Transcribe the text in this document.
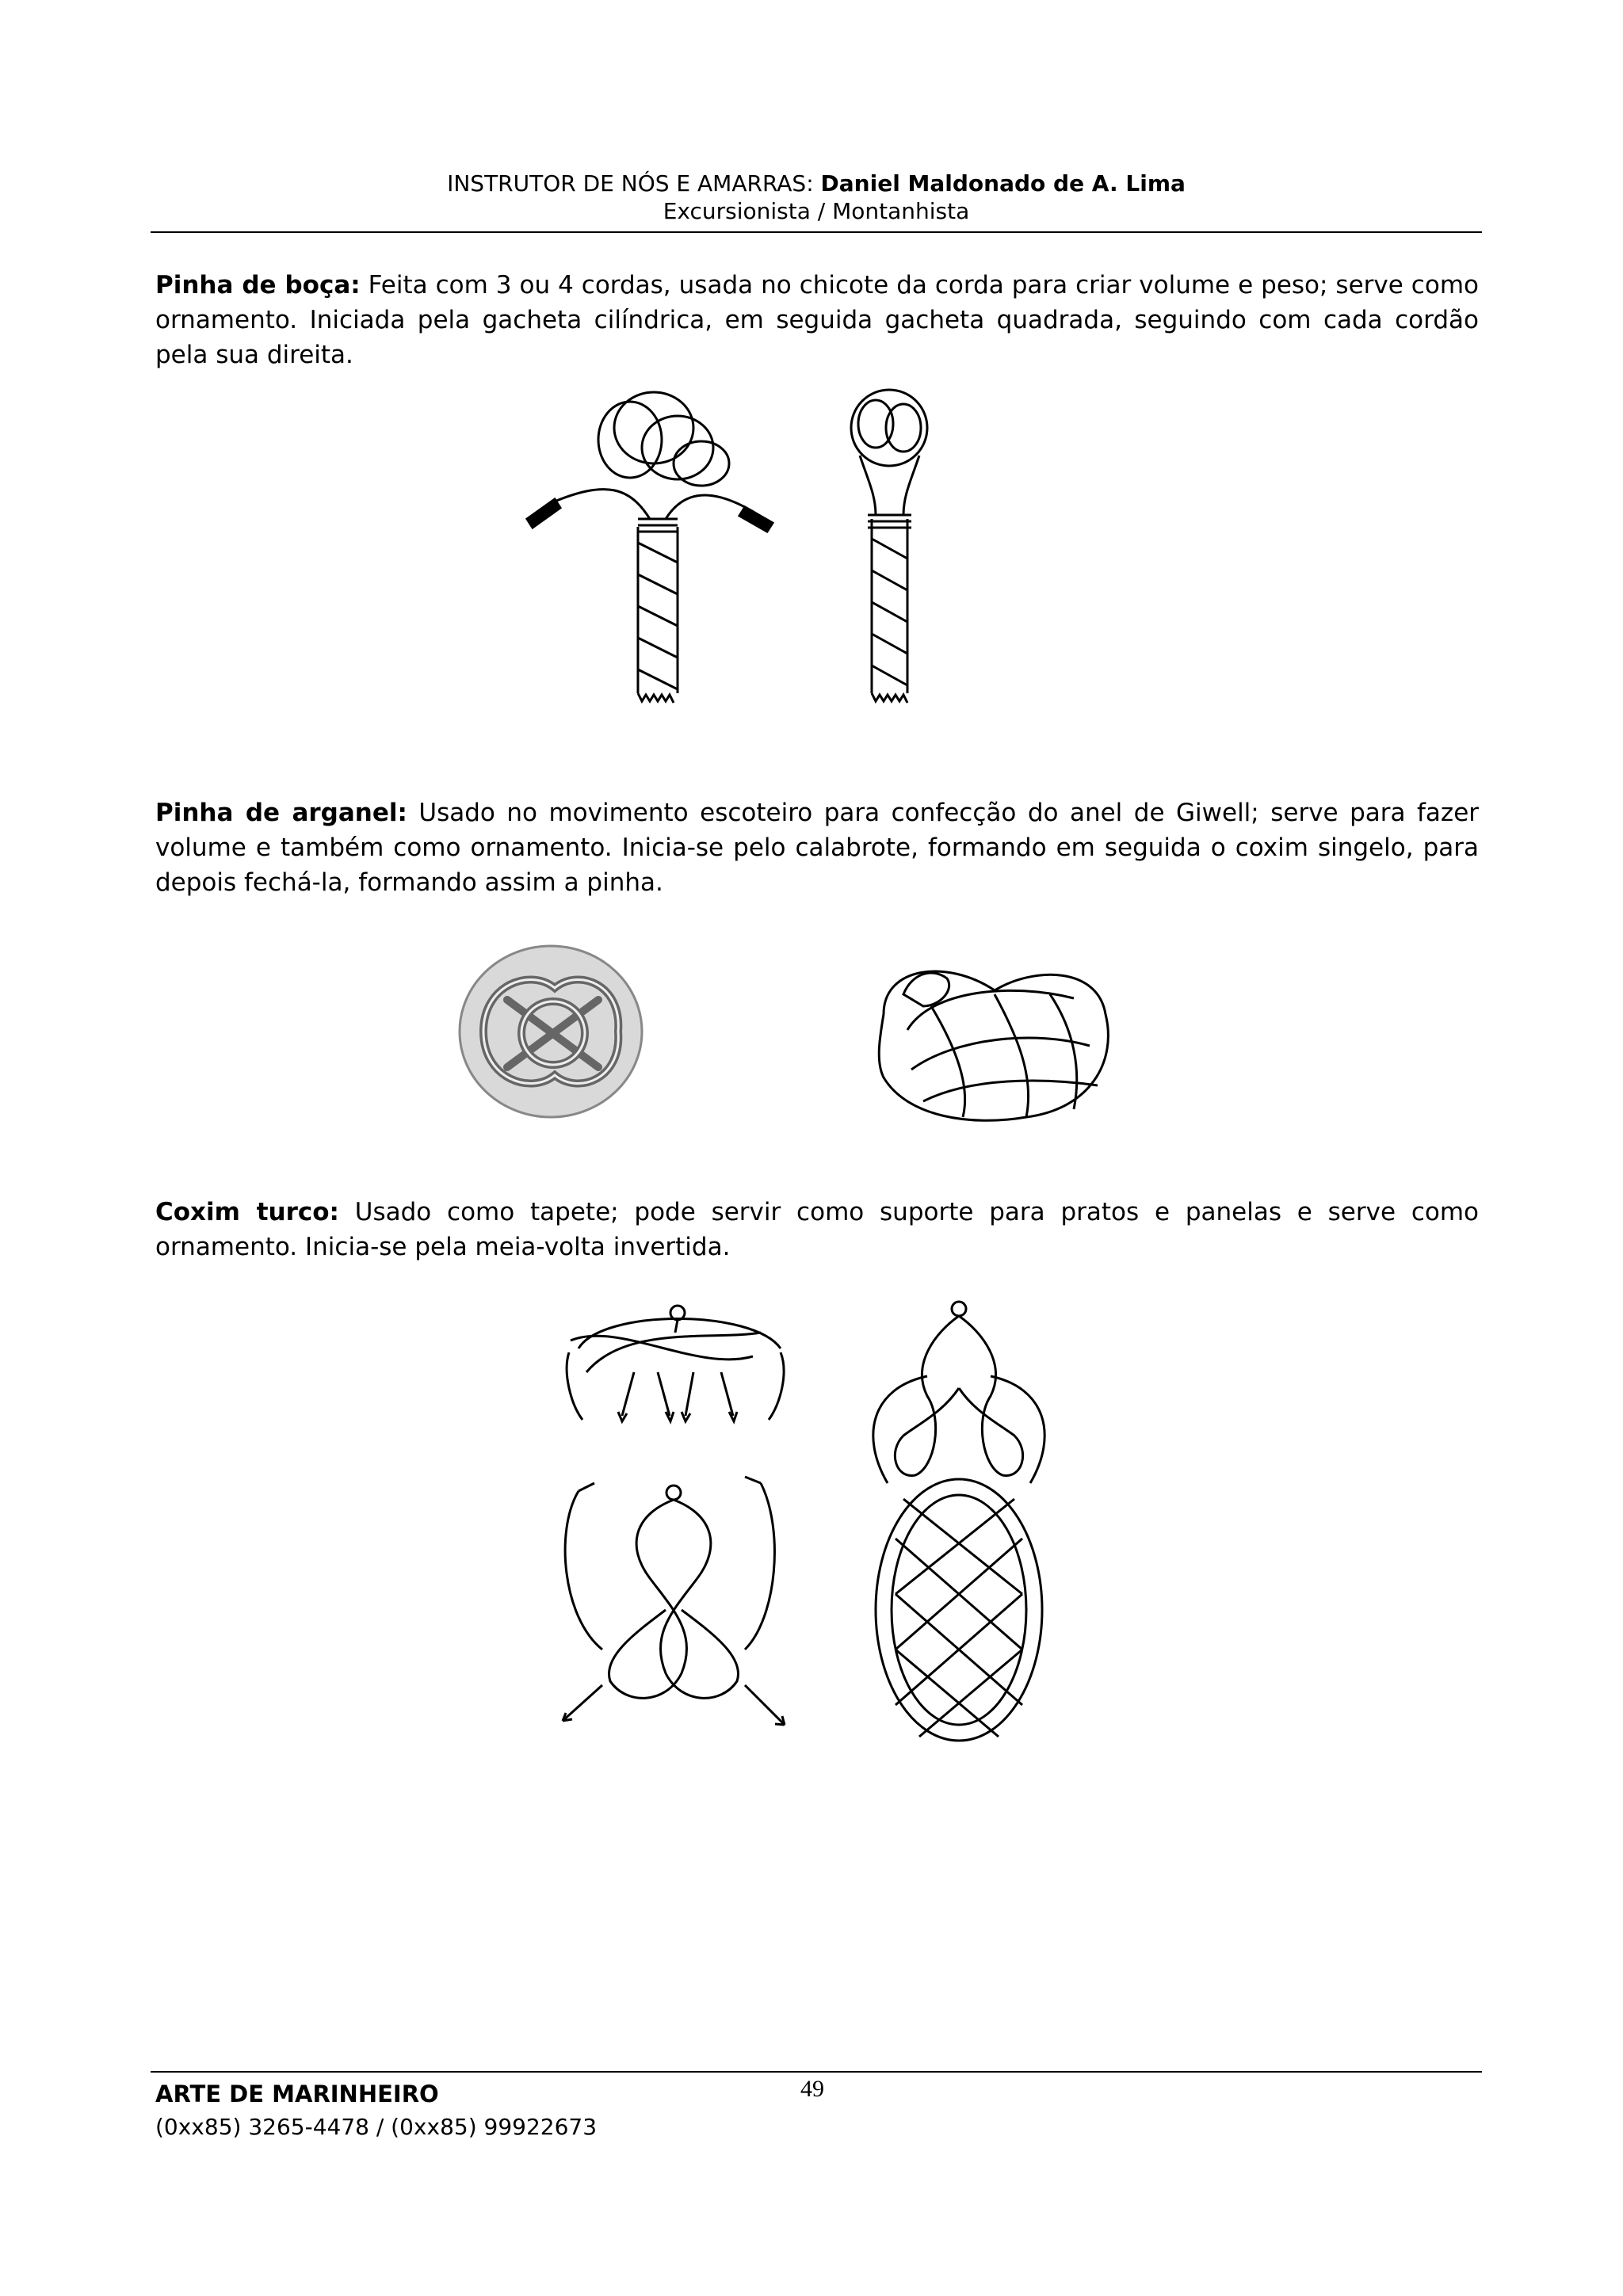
INSTRUTOR DE NÓS E AMARRAS: Daniel Maldonado de A. Lima
Excursionista / Montanhista
Pinha de boça: Feita com 3 ou 4 cordas, usada no chicote da corda para criar volume e peso; serve como ornamento. Iniciada pela gacheta cilíndrica, em seguida gacheta quadrada, seguindo com cada cordão pela sua direita.
Pinha de arganel: Usado no movimento escoteiro para confecção do anel de Giwell; serve para fazer volume e também como ornamento. Inicia-se pelo calabrote, formando em seguida o coxim singelo, para depois fechá-la, formando assim a pinha.
Coxim turco: Usado como tapete; pode servir como suporte para pratos e panelas e serve como ornamento. Inicia-se pela meia-volta invertida.
ARTE DE MARINHEIRO
(0xx85) 3265-4478 / (0xx85) 99922673
49
